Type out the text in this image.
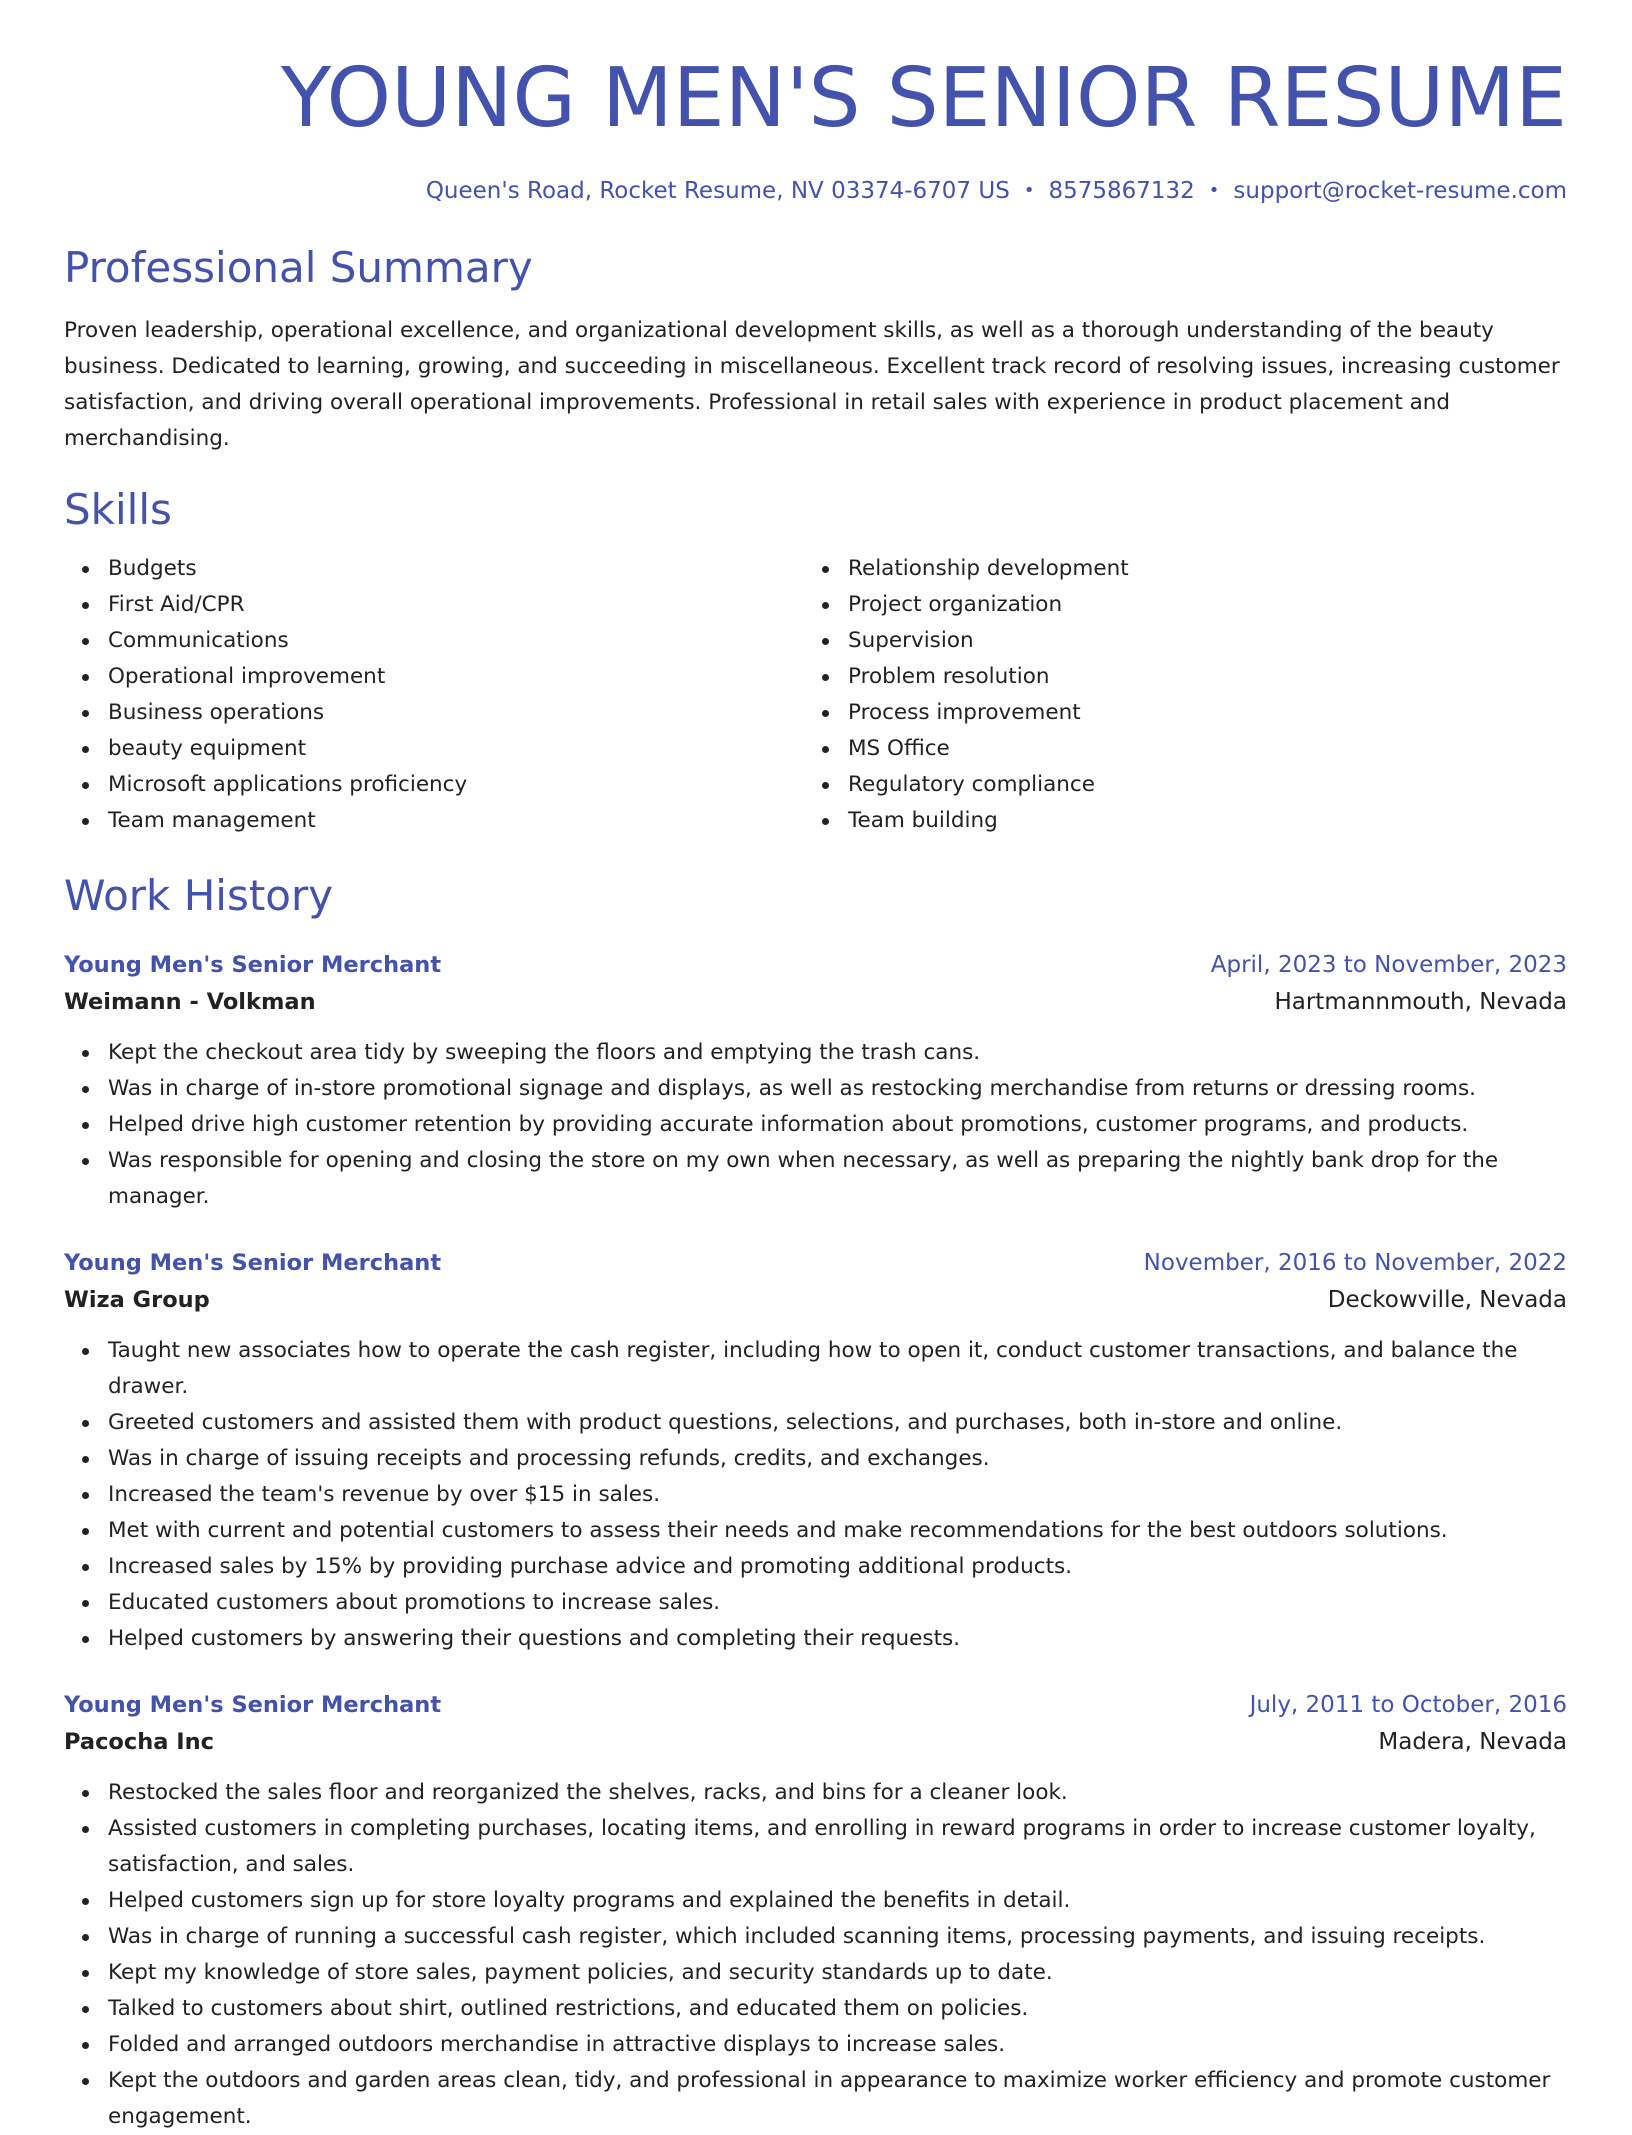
YOUNG MEN'S SENIOR RESUME
Queen's Road, Rocket Resume, NV 03374-6707 US • 8575867132 • support@rocket-resume.com
Professional Summary
Proven leadership, operational excellence, and organizational development skills, as well as a thorough understanding of the beauty business. Dedicated to learning, growing, and succeeding in miscellaneous. Excellent track record of resolving issues, increasing customer satisfaction, and driving overall operational improvements. Professional in retail sales with experience in product placement and merchandising.
Skills
Budgets
First Aid/CPR
Communications
Operational improvement
Business operations
beauty equipment
Microsoft applications proficiency
Team management
Relationship development
Project organization
Supervision
Problem resolution
Process improvement
MS Office
Regulatory compliance
Team building
Work History
Young Men's Senior Merchant	April, 2023 to November, 2023
Weimann - Volkman	Hartmannmouth, Nevada
Kept the checkout area tidy by sweeping the floors and emptying the trash cans.
Was in charge of in-store promotional signage and displays, as well as restocking merchandise from returns or dressing rooms.
Helped drive high customer retention by providing accurate information about promotions, customer programs, and products.
Was responsible for opening and closing the store on my own when necessary, as well as preparing the nightly bank drop for the manager.
Young Men's Senior Merchant	November, 2016 to November, 2022
Wiza Group	Deckowville, Nevada
Taught new associates how to operate the cash register, including how to open it, conduct customer transactions, and balance the drawer.
Greeted customers and assisted them with product questions, selections, and purchases, both in-store and online.
Was in charge of issuing receipts and processing refunds, credits, and exchanges.
Increased the team's revenue by over $15 in sales.
Met with current and potential customers to assess their needs and make recommendations for the best outdoors solutions.
Increased sales by 15% by providing purchase advice and promoting additional products.
Educated customers about promotions to increase sales.
Helped customers by answering their questions and completing their requests.
Young Men's Senior Merchant	July, 2011 to October, 2016
Pacocha Inc	Madera, Nevada
Restocked the sales floor and reorganized the shelves, racks, and bins for a cleaner look.
Assisted customers in completing purchases, locating items, and enrolling in reward programs in order to increase customer loyalty, satisfaction, and sales.
Helped customers sign up for store loyalty programs and explained the benefits in detail.
Was in charge of running a successful cash register, which included scanning items, processing payments, and issuing receipts.
Kept my knowledge of store sales, payment policies, and security standards up to date.
Talked to customers about shirt, outlined restrictions, and educated them on policies.
Folded and arranged outdoors merchandise in attractive displays to increase sales.
Kept the outdoors and garden areas clean, tidy, and professional in appearance to maximize worker efficiency and promote customer engagement.
